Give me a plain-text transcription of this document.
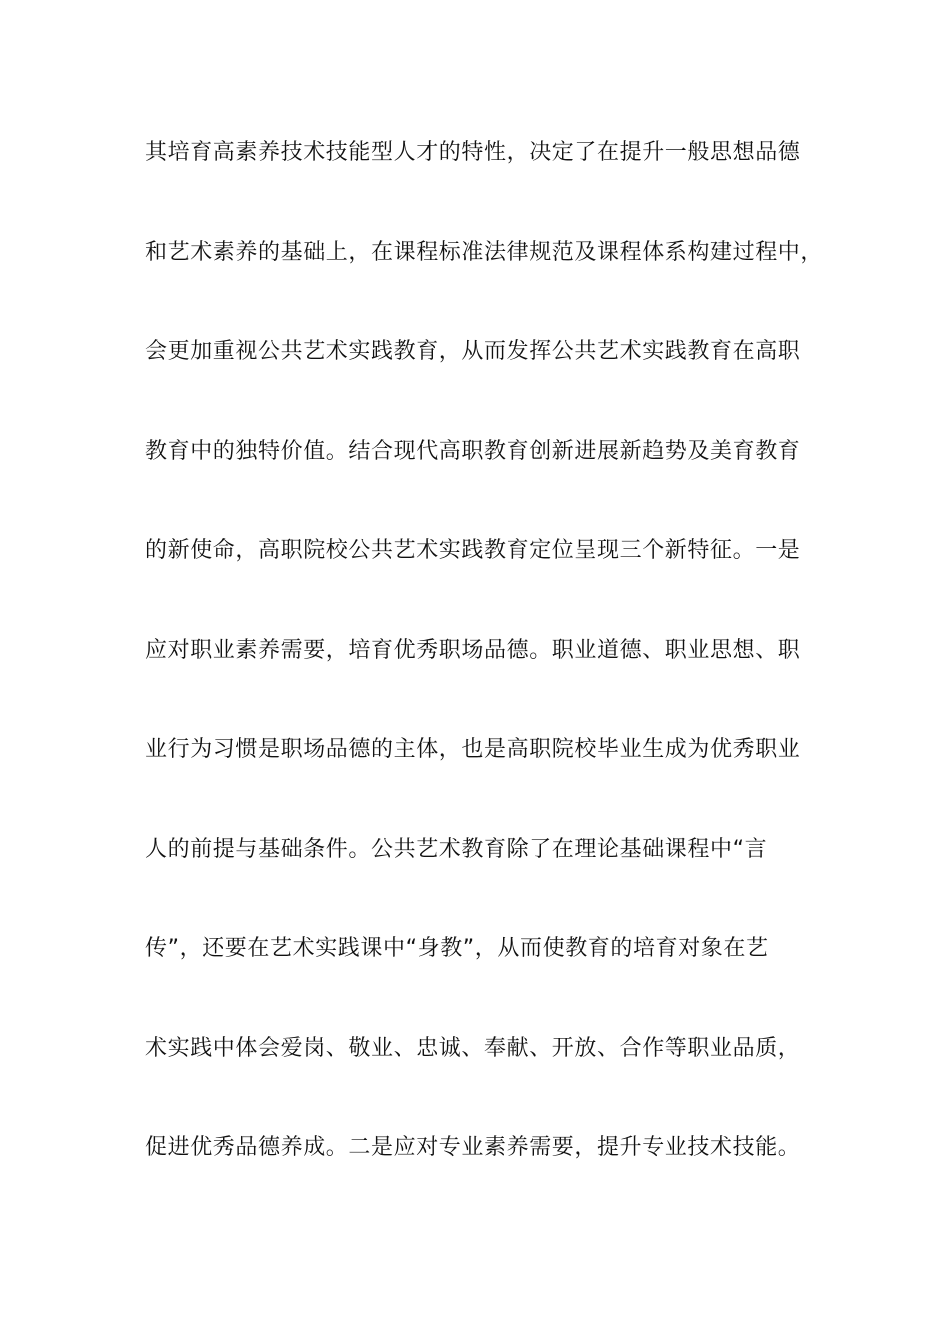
其培育高素养技术技能型人才的特性，决定了在提升一般思想品德
和艺术素养的基础上，在课程标准法律规范及课程体系构建过程中，
会更加重视公共艺术实践教育，从而发挥公共艺术实践教育在高职
教育中的独特价值。结合现代高职教育创新进展新趋势及美育教育
的新使命，高职院校公共艺术实践教育定位呈现三个新特征。一是
应对职业素养需要，培育优秀职场品德。职业道德、职业思想、职
业行为习惯是职场品德的主体，也是高职院校毕业生成为优秀职业
人的前提与基础条件。公共艺术教育除了在理论基础课程中“言
传”，还要在艺术实践课中“身教”，从而使教育的培育对象在艺
术实践中体会爱岗、敬业、忠诚、奉献、开放、合作等职业品质，
促进优秀品德养成。二是应对专业素养需要，提升专业技术技能。
